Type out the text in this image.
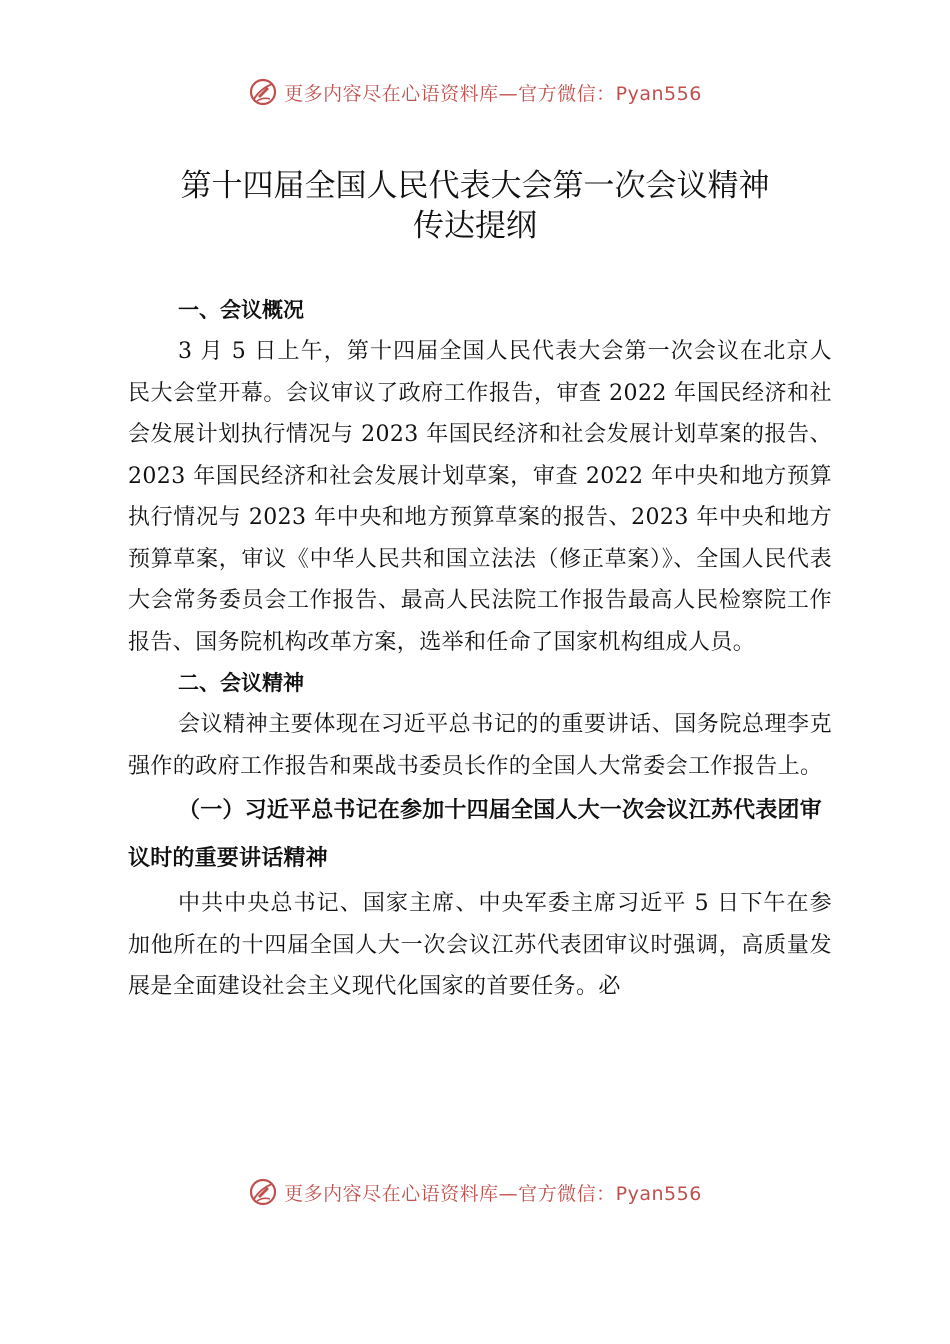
更多内容尽在心语资料库—官方微信：Pyan556
第十四届全国人民代表大会第一次会议精神
传达提纲

一、会议概况

3 月 5 日上午，第十四届全国人民代表大会第一次会议在北京人民大会堂开幕。会议审议了政府工作报告，审查 2022 年国民经济和社会发展计划执行情况与 2023 年国民经济和社会发展计划草案的报告、2023 年国民经济和社会发展计划草案，审查 2022 年中央和地方预算执行情况与 2023 年中央和地方预算草案的报告、2023 年中央和地方预算草案，审议《中华人民共和国立法法（修正草案）》、全国人民代表大会常务委员会工作报告、最高人民法院工作报告最高人民检察院工作报告、国务院机构改革方案，选举和任命了国家机构组成人员。

二、会议精神

会议精神主要体现在习近平总书记的的重要讲话、国务院总理李克强作的政府工作报告和栗战书委员长作的全国人大常委会工作报告上。

（一）习近平总书记在参加十四届全国人大一次会议江苏代表团审议时的重要讲话精神

中共中央总书记、国家主席、中央军委主席习近平 5 日下午在参加他所在的十四届全国人大一次会议江苏代表团审议时强调，高质量发展是全面建设社会主义现代化国家的首要任务。必

更多内容尽在心语资料库—官方微信：Pyan556
